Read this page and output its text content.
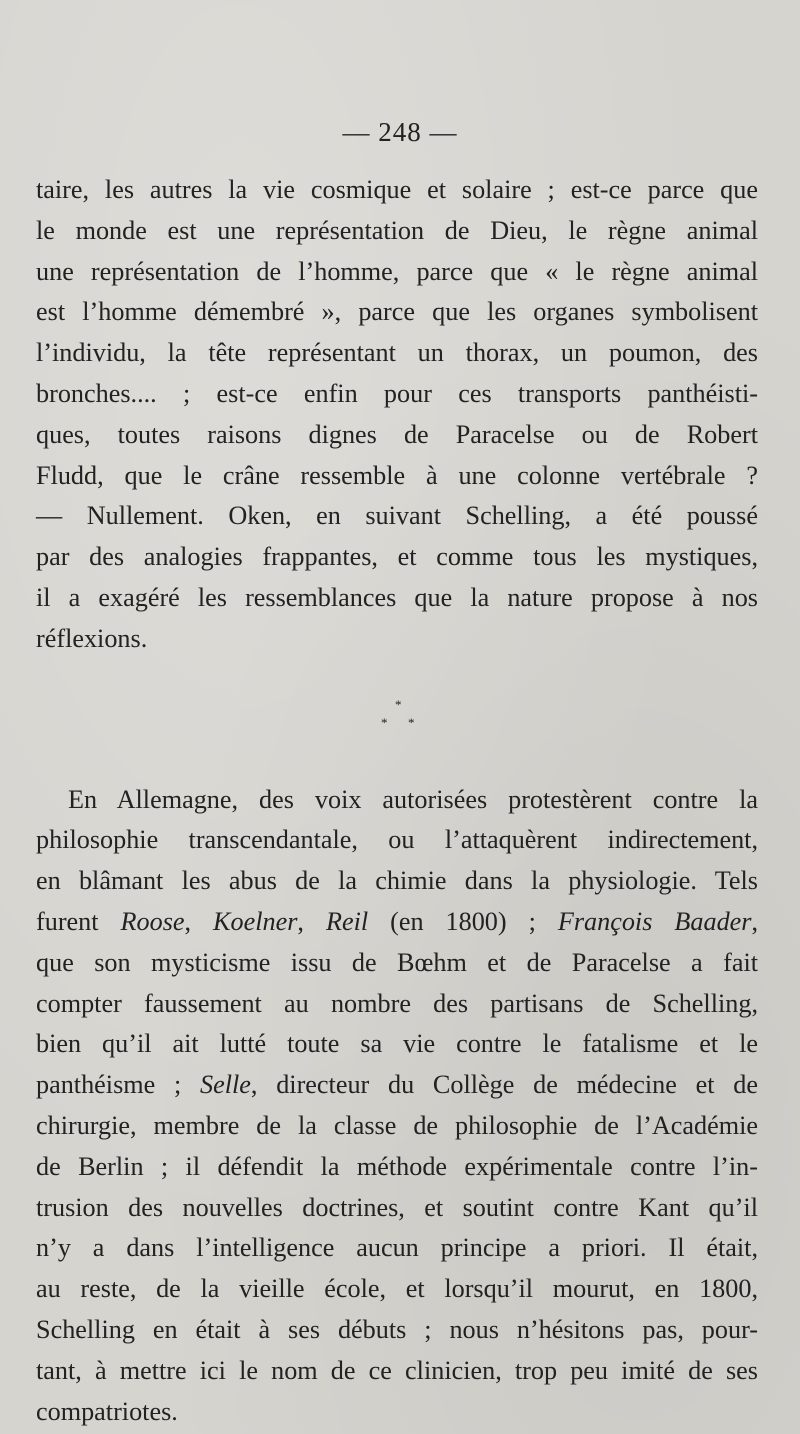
— 248 —

taire, les autres la vie cosmique et solaire ; est-ce parce que
le monde est une représentation de Dieu, le règne animal
une représentation de l’homme, parce que « le règne animal
est l’homme démembré », parce que les organes symbolisent
l’individu, la tête représentant un thorax, un poumon, des
bronches.... ; est-ce enfin pour ces transports panthéisti-
ques, toutes raisons dignes de Paracelse ou de Robert
Fludd, que le crâne ressemble à une colonne vertébrale ?
— Nullement. Oken, en suivant Schelling, a été poussé
par des analogies frappantes, et comme tous les mystiques,
il a exagéré les ressemblances que la nature propose à nos
réflexions.

*
* *

En Allemagne, des voix autorisées protestèrent contre la
philosophie transcendantale, ou l’attaquèrent indirectement,
en blâmant les abus de la chimie dans la physiologie. Tels
furent Roose, Koelner, Reil (en 1800) ; François Baader,
que son mysticisme issu de Bœhm et de Paracelse a fait
compter faussement au nombre des partisans de Schelling,
bien qu’il ait lutté toute sa vie contre le fatalisme et le
panthéisme ; Selle, directeur du Collège de médecine et de
chirurgie, membre de la classe de philosophie de l’Académie
de Berlin ; il défendit la méthode expérimentale contre l’in-
trusion des nouvelles doctrines, et soutint contre Kant qu’il
n’y a dans l’intelligence aucun principe a priori. Il était,
au reste, de la vieille école, et lorsqu’il mourut, en 1800,
Schelling en était à ses débuts ; nous n’hésitons pas, pour-
tant, à mettre ici le nom de ce clinicien, trop peu imité de ses
compatriotes.
